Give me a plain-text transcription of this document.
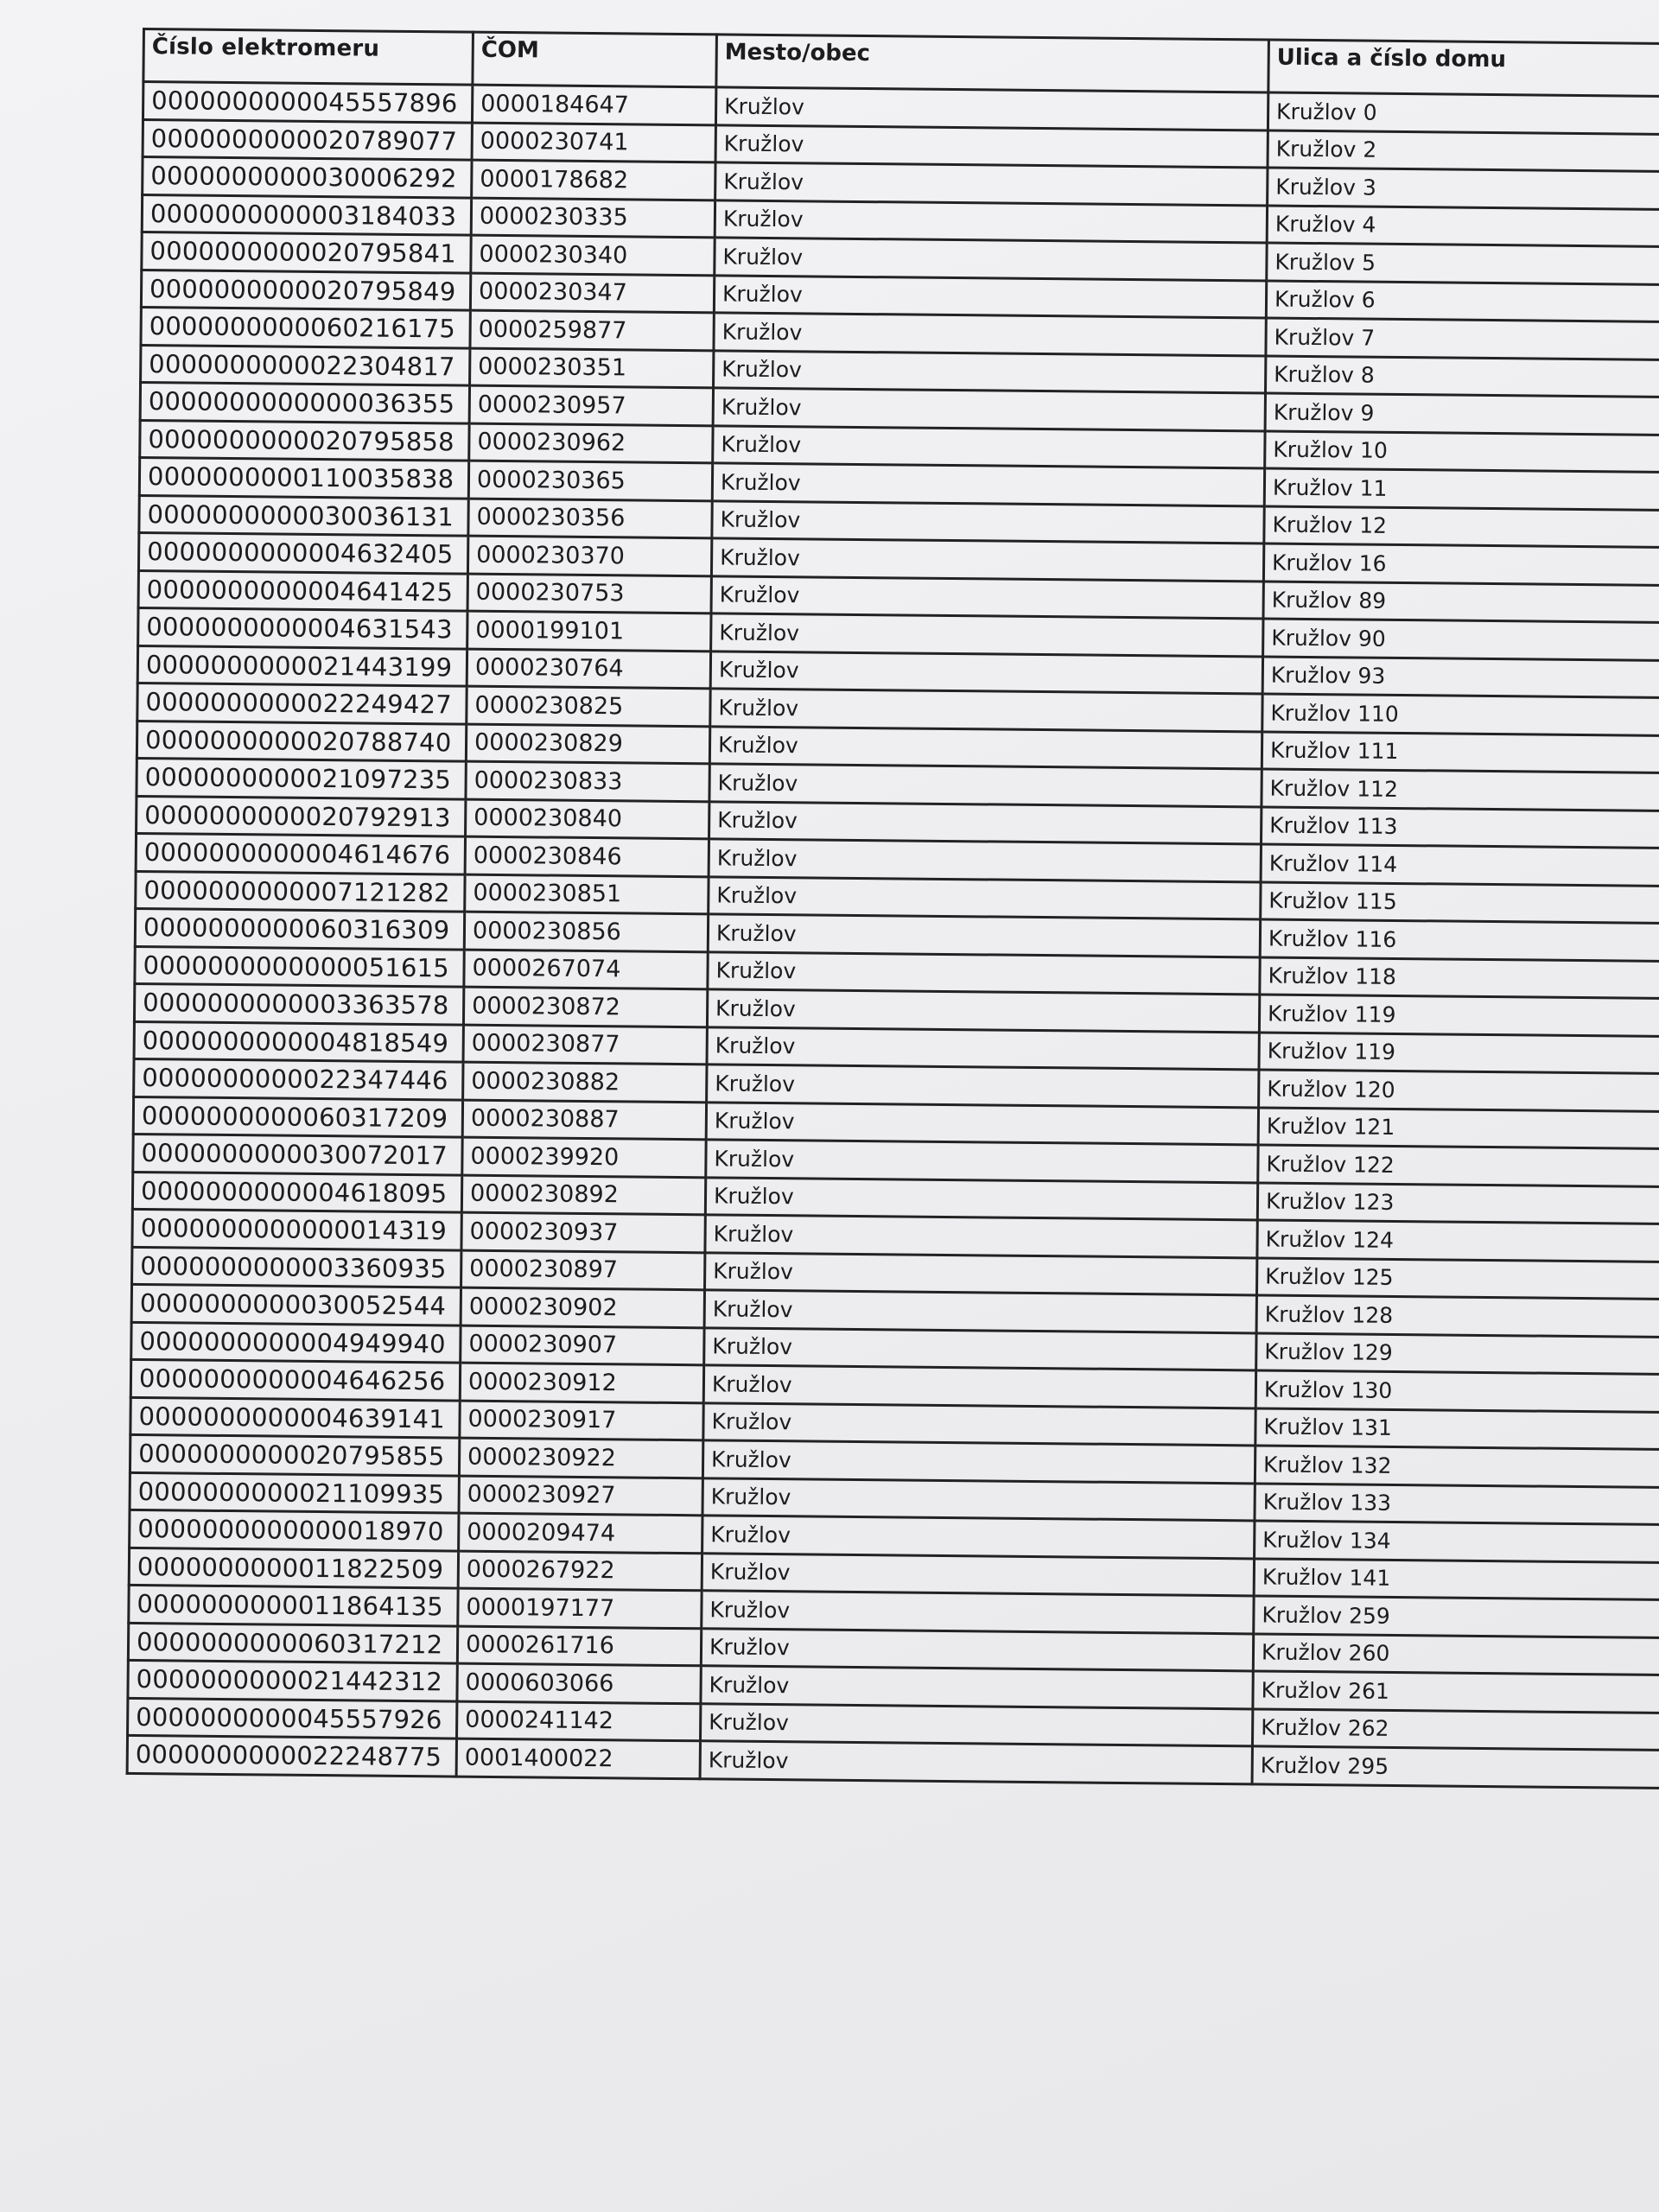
Číslo elektromeru	ČOM	Mesto/obec	Ulica a číslo domu
0000000000045557896	0000184647	Kružlov	Kružlov 0
0000000000020789077	0000230741	Kružlov	Kružlov 2
0000000000030006292	0000178682	Kružlov	Kružlov 3
0000000000003184033	0000230335	Kružlov	Kružlov 4
0000000000020795841	0000230340	Kružlov	Kružlov 5
0000000000020795849	0000230347	Kružlov	Kružlov 6
0000000000060216175	0000259877	Kružlov	Kružlov 7
0000000000022304817	0000230351	Kružlov	Kružlov 8
0000000000000036355	0000230957	Kružlov	Kružlov 9
0000000000020795858	0000230962	Kružlov	Kružlov 10
0000000000110035838	0000230365	Kružlov	Kružlov 11
0000000000030036131	0000230356	Kružlov	Kružlov 12
0000000000004632405	0000230370	Kružlov	Kružlov 16
0000000000004641425	0000230753	Kružlov	Kružlov 89
0000000000004631543	0000199101	Kružlov	Kružlov 90
0000000000021443199	0000230764	Kružlov	Kružlov 93
0000000000022249427	0000230825	Kružlov	Kružlov 110
0000000000020788740	0000230829	Kružlov	Kružlov 111
0000000000021097235	0000230833	Kružlov	Kružlov 112
0000000000020792913	0000230840	Kružlov	Kružlov 113
0000000000004614676	0000230846	Kružlov	Kružlov 114
0000000000007121282	0000230851	Kružlov	Kružlov 115
0000000000060316309	0000230856	Kružlov	Kružlov 116
0000000000000051615	0000267074	Kružlov	Kružlov 118
0000000000003363578	0000230872	Kružlov	Kružlov 119
0000000000004818549	0000230877	Kružlov	Kružlov 119
0000000000022347446	0000230882	Kružlov	Kružlov 120
0000000000060317209	0000230887	Kružlov	Kružlov 121
0000000000030072017	0000239920	Kružlov	Kružlov 122
0000000000004618095	0000230892	Kružlov	Kružlov 123
0000000000000014319	0000230937	Kružlov	Kružlov 124
0000000000003360935	0000230897	Kružlov	Kružlov 125
0000000000030052544	0000230902	Kružlov	Kružlov 128
0000000000004949940	0000230907	Kružlov	Kružlov 129
0000000000004646256	0000230912	Kružlov	Kružlov 130
0000000000004639141	0000230917	Kružlov	Kružlov 131
0000000000020795855	0000230922	Kružlov	Kružlov 132
0000000000021109935	0000230927	Kružlov	Kružlov 133
0000000000000018970	0000209474	Kružlov	Kružlov 134
0000000000011822509	0000267922	Kružlov	Kružlov 141
0000000000011864135	0000197177	Kružlov	Kružlov 259
0000000000060317212	0000261716	Kružlov	Kružlov 260
0000000000021442312	0000603066	Kružlov	Kružlov 261
0000000000045557926	0000241142	Kružlov	Kružlov 262
0000000000022248775	0001400022	Kružlov	Kružlov 295
